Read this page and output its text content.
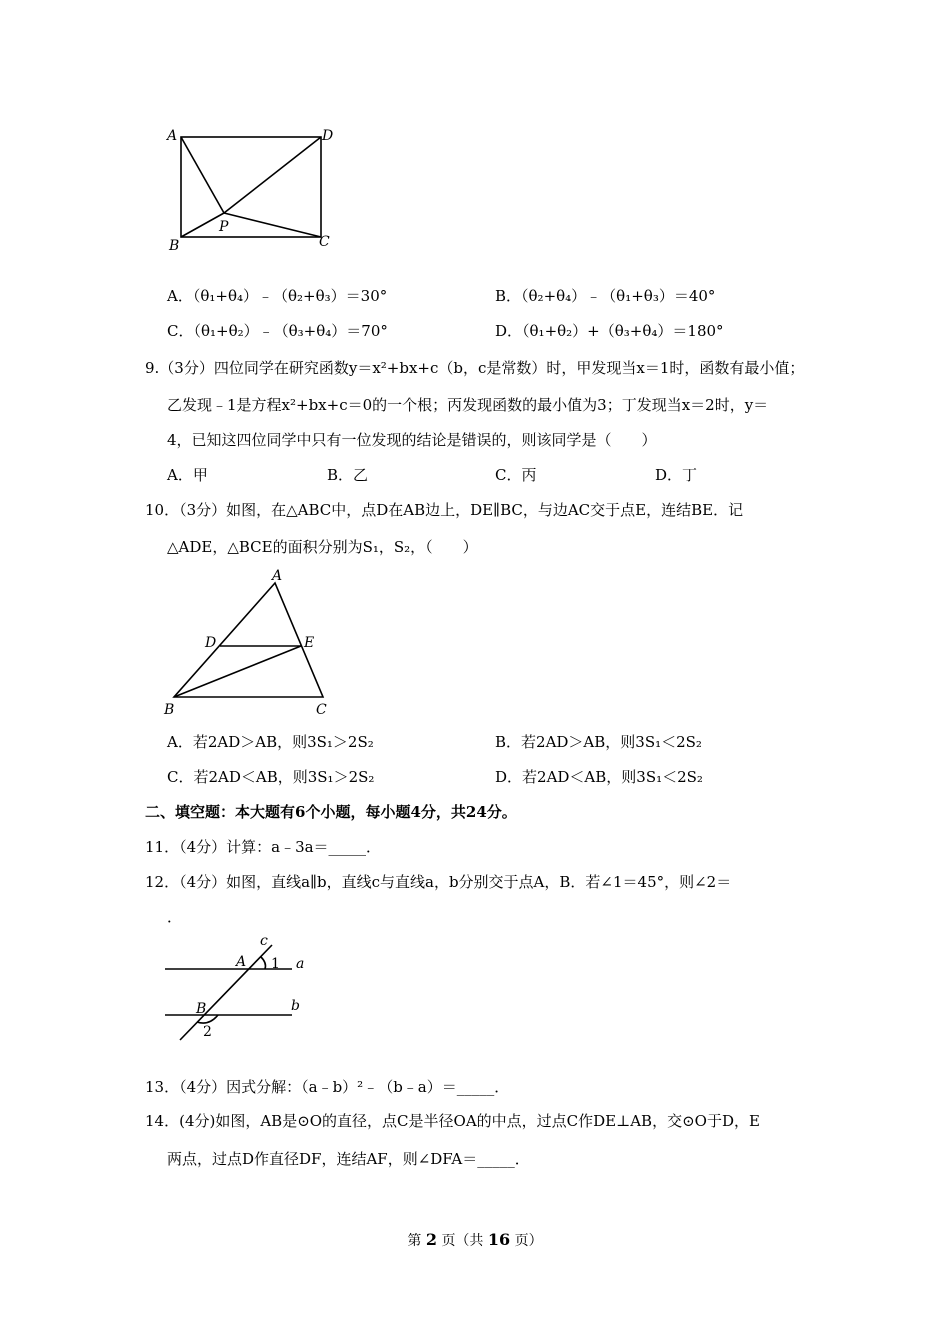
A	D
P
B	C
A．（θ₁+θ₄）﹣（θ₂+θ₃）＝30°	B．（θ₂+θ₄）﹣（θ₁+θ₃）＝40°
C．（θ₁+θ₂）﹣（θ₃+θ₄）＝70°	D．（θ₁+θ₂）+（θ₃+θ₄）＝180°
9.（3分）四位同学在研究函数y＝x²+bx+c（b，c是常数）时，甲发现当x＝1时，函数有最小值；
乙发现﹣1是方程x²+bx+c＝0的一个根；丙发现函数的最小值为3；丁发现当x＝2时，y＝
4，已知这四位同学中只有一位发现的结论是错误的，则该同学是（　　）
A．甲	B．乙	C．丙	D．丁
10．（3分）如图，在△ABC中，点D在AB边上，DE∥BC，与边AC交于点E，连结BE．记
△ADE，△BCE的面积分别为S₁，S₂，（　　）
A
D	E
B	C
A．若2AD＞AB，则3S₁＞2S₂	B．若2AD＞AB，则3S₁＜2S₂
C．若2AD＜AB，则3S₁＞2S₂	D．若2AD＜AB，则3S₁＜2S₂
二、填空题：本大题有6个小题，每小题4分，共24分。
11．（4分）计算：a﹣3a＝_____．
12．（4分）如图，直线a∥b，直线c与直线a，b分别交于点A，B．若∠1＝45°，则∠2＝
．
c
A 1 a
B	b
2
13．（4分）因式分解：（a﹣b）²﹣（b﹣a）＝_____．
14．(4分)如图，AB是⊙O的直径，点C是半径OA的中点，过点C作DE⊥AB，交⊙O于D，E
两点，过点D作直径DF，连结AF，则∠DFA＝_____．
第 2 页（共 16 页）
